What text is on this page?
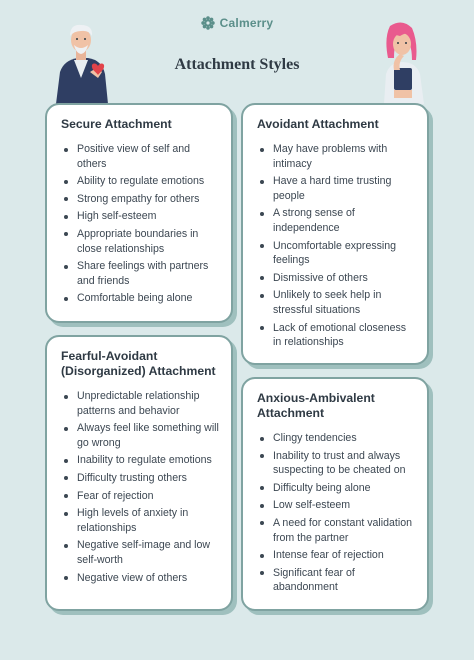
Calmerry
Attachment Styles
Secure Attachment
Positive view of self and others
Ability to regulate emotions
Strong empathy for others
High self-esteem
Appropriate boundaries in close relationships
Share feelings with partners and friends
Comfortable being alone
Avoidant Attachment
May have problems with intimacy
Have a hard time trusting people
A strong sense of independence
Uncomfortable expressing feelings
Dismissive of others
Unlikely to seek help in stressful situations
Lack of emotional closeness in relationships
Fearful-Avoidant (Disorganized) Attachment
Unpredictable relationship patterns and behavior
Always feel like something will go wrong
Inability to regulate emotions
Difficulty trusting others
Fear of rejection
High levels of anxiety in relationships
Negative self-image and low self-worth
Negative view of others
Anxious-Ambivalent Attachment
Clingy tendencies
Inability to trust and always suspecting to be cheated on
Difficulty being alone
Low self-esteem
A need for constant validation from the partner
Intense fear of rejection
Significant fear of abandonment
